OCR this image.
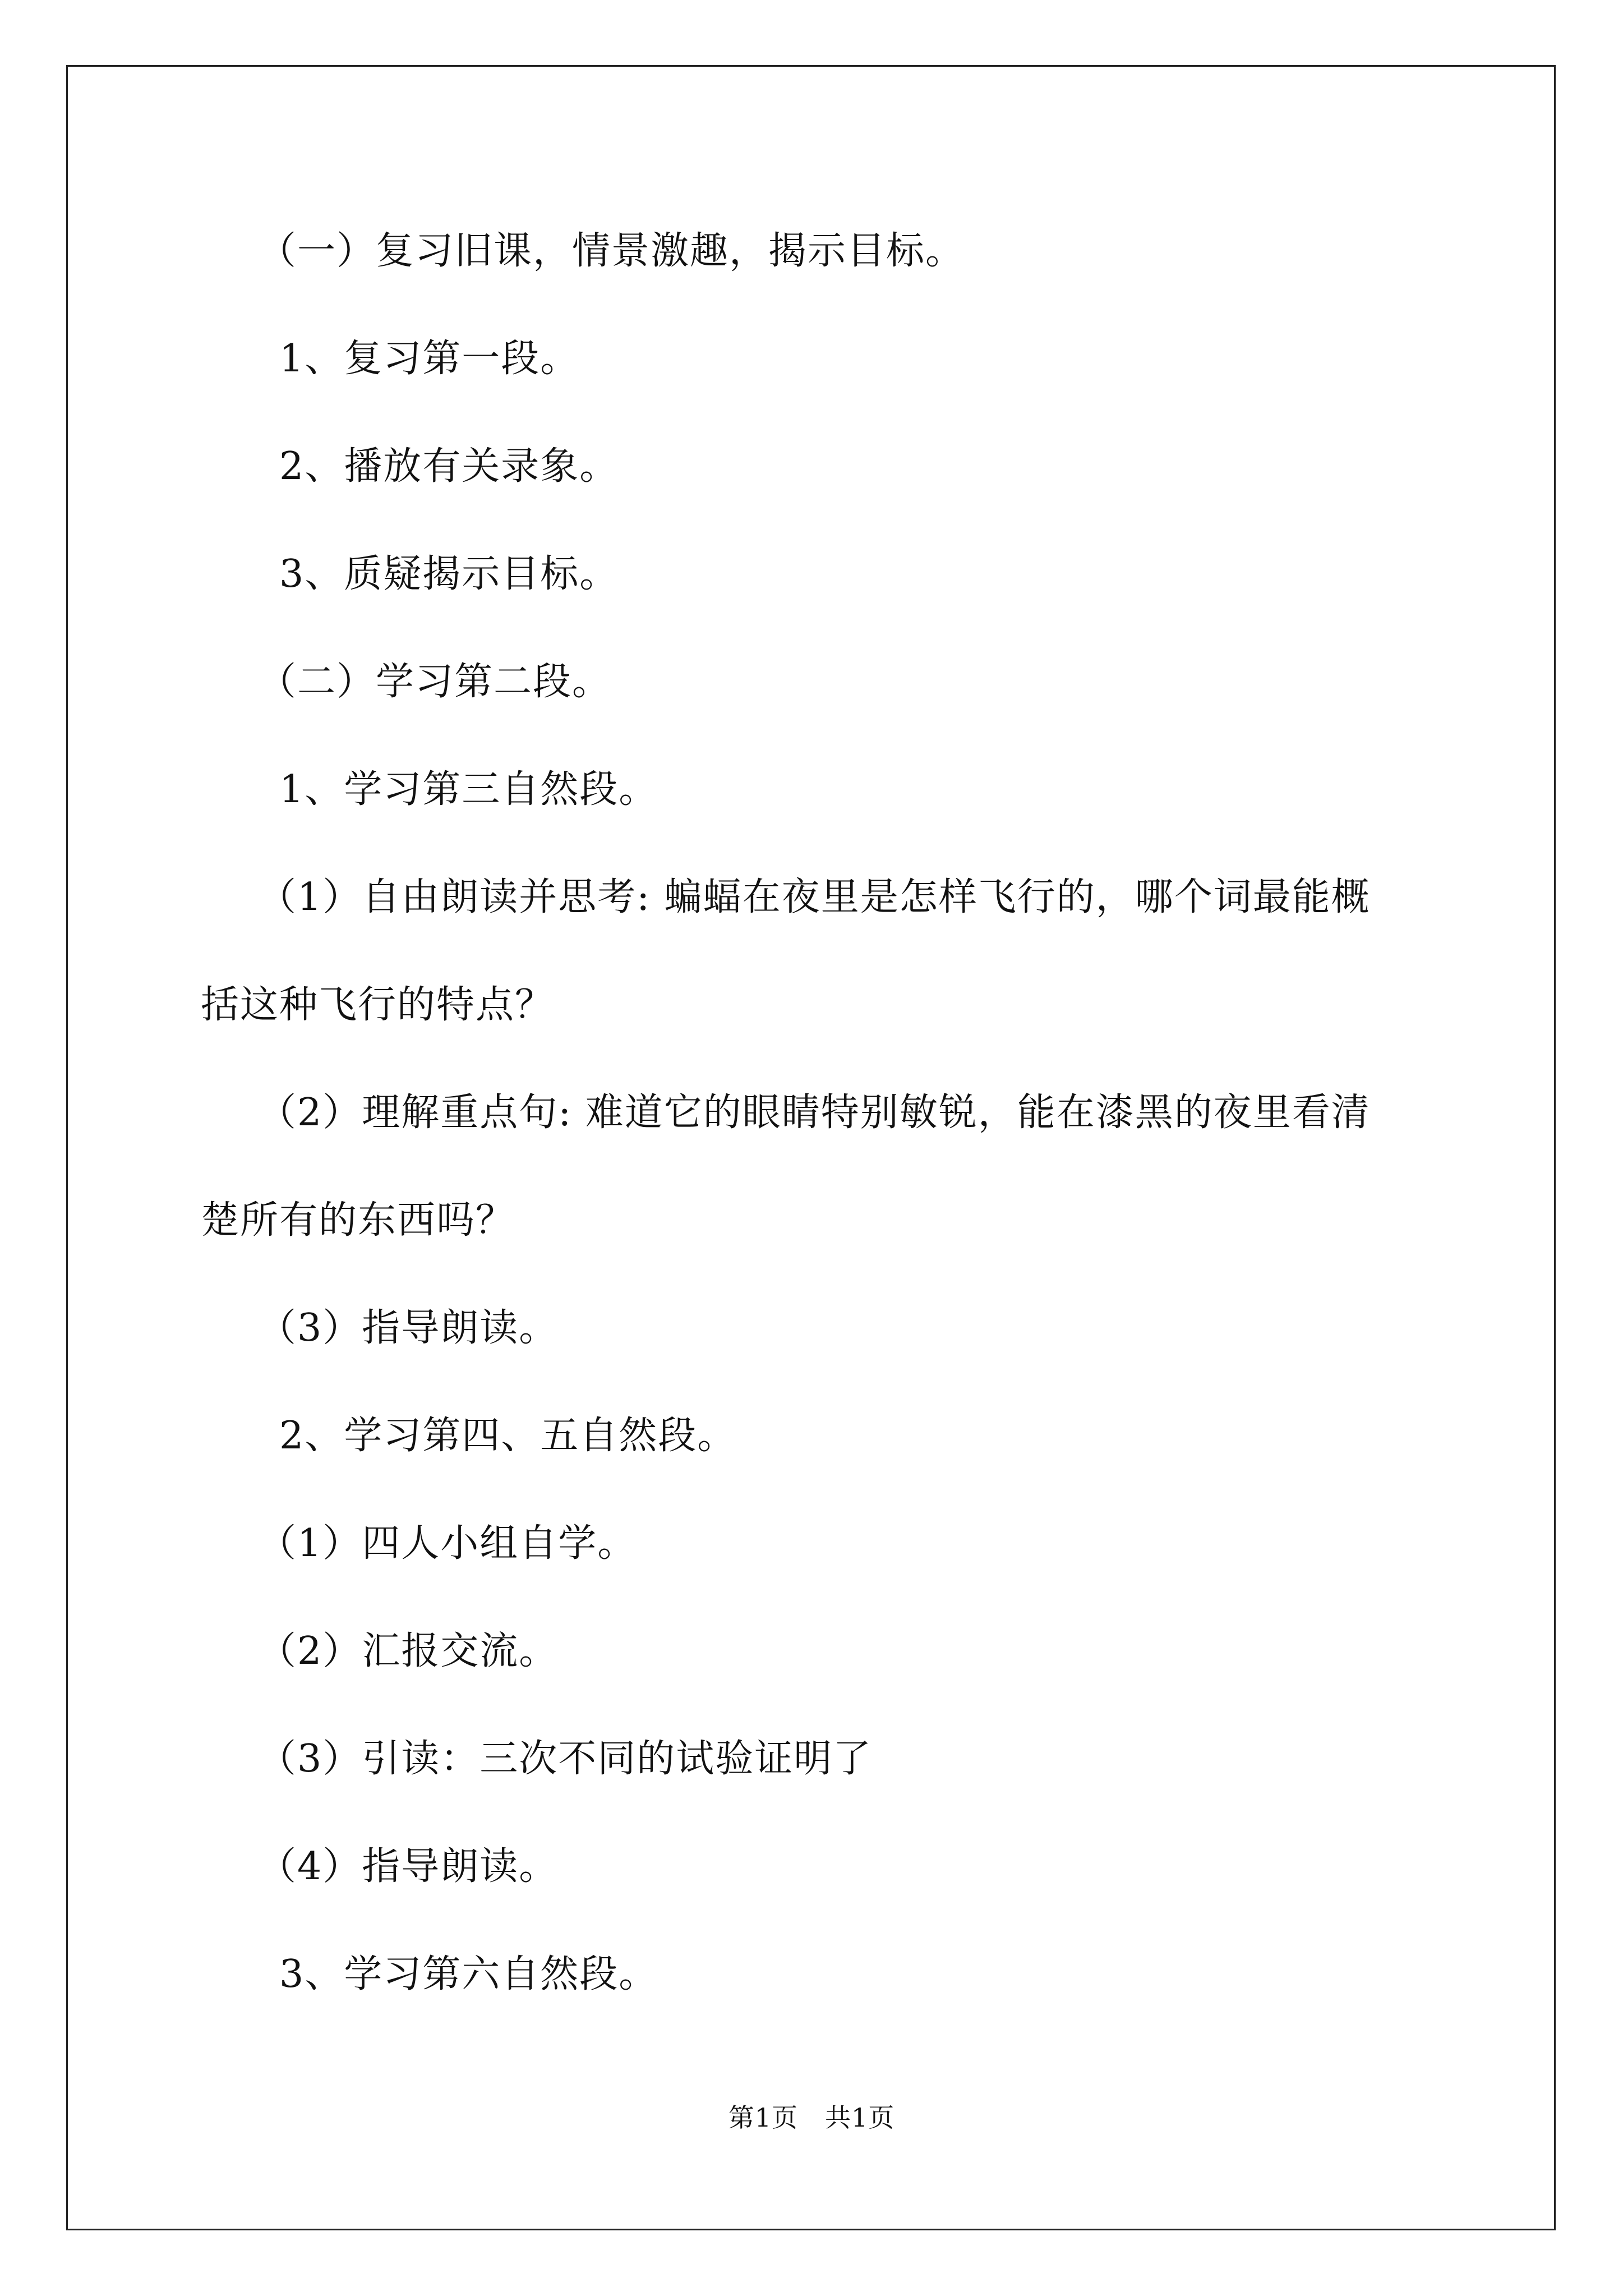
（一）复习旧课，情景激趣，揭示目标。

1、复习第一段。

2、播放有关录象。

3、质疑揭示目标。

（二）学习第二段。

1、学习第三自然段。

（1）自由朗读并思考: 蝙蝠在夜里是怎样飞行的，哪个词最能概

括这种飞行的特点？

（2）理解重点句: 难道它的眼睛特别敏锐，能在漆黑的夜里看清

楚所有的东西吗？

（3）指导朗读。

2、学习第四、五自然段。

（1）四人小组自学。

（2）汇报交流。

（3）引读：三次不同的试验证明了

（4）指导朗读。

3、学习第六自然段。

第1页 共1页
